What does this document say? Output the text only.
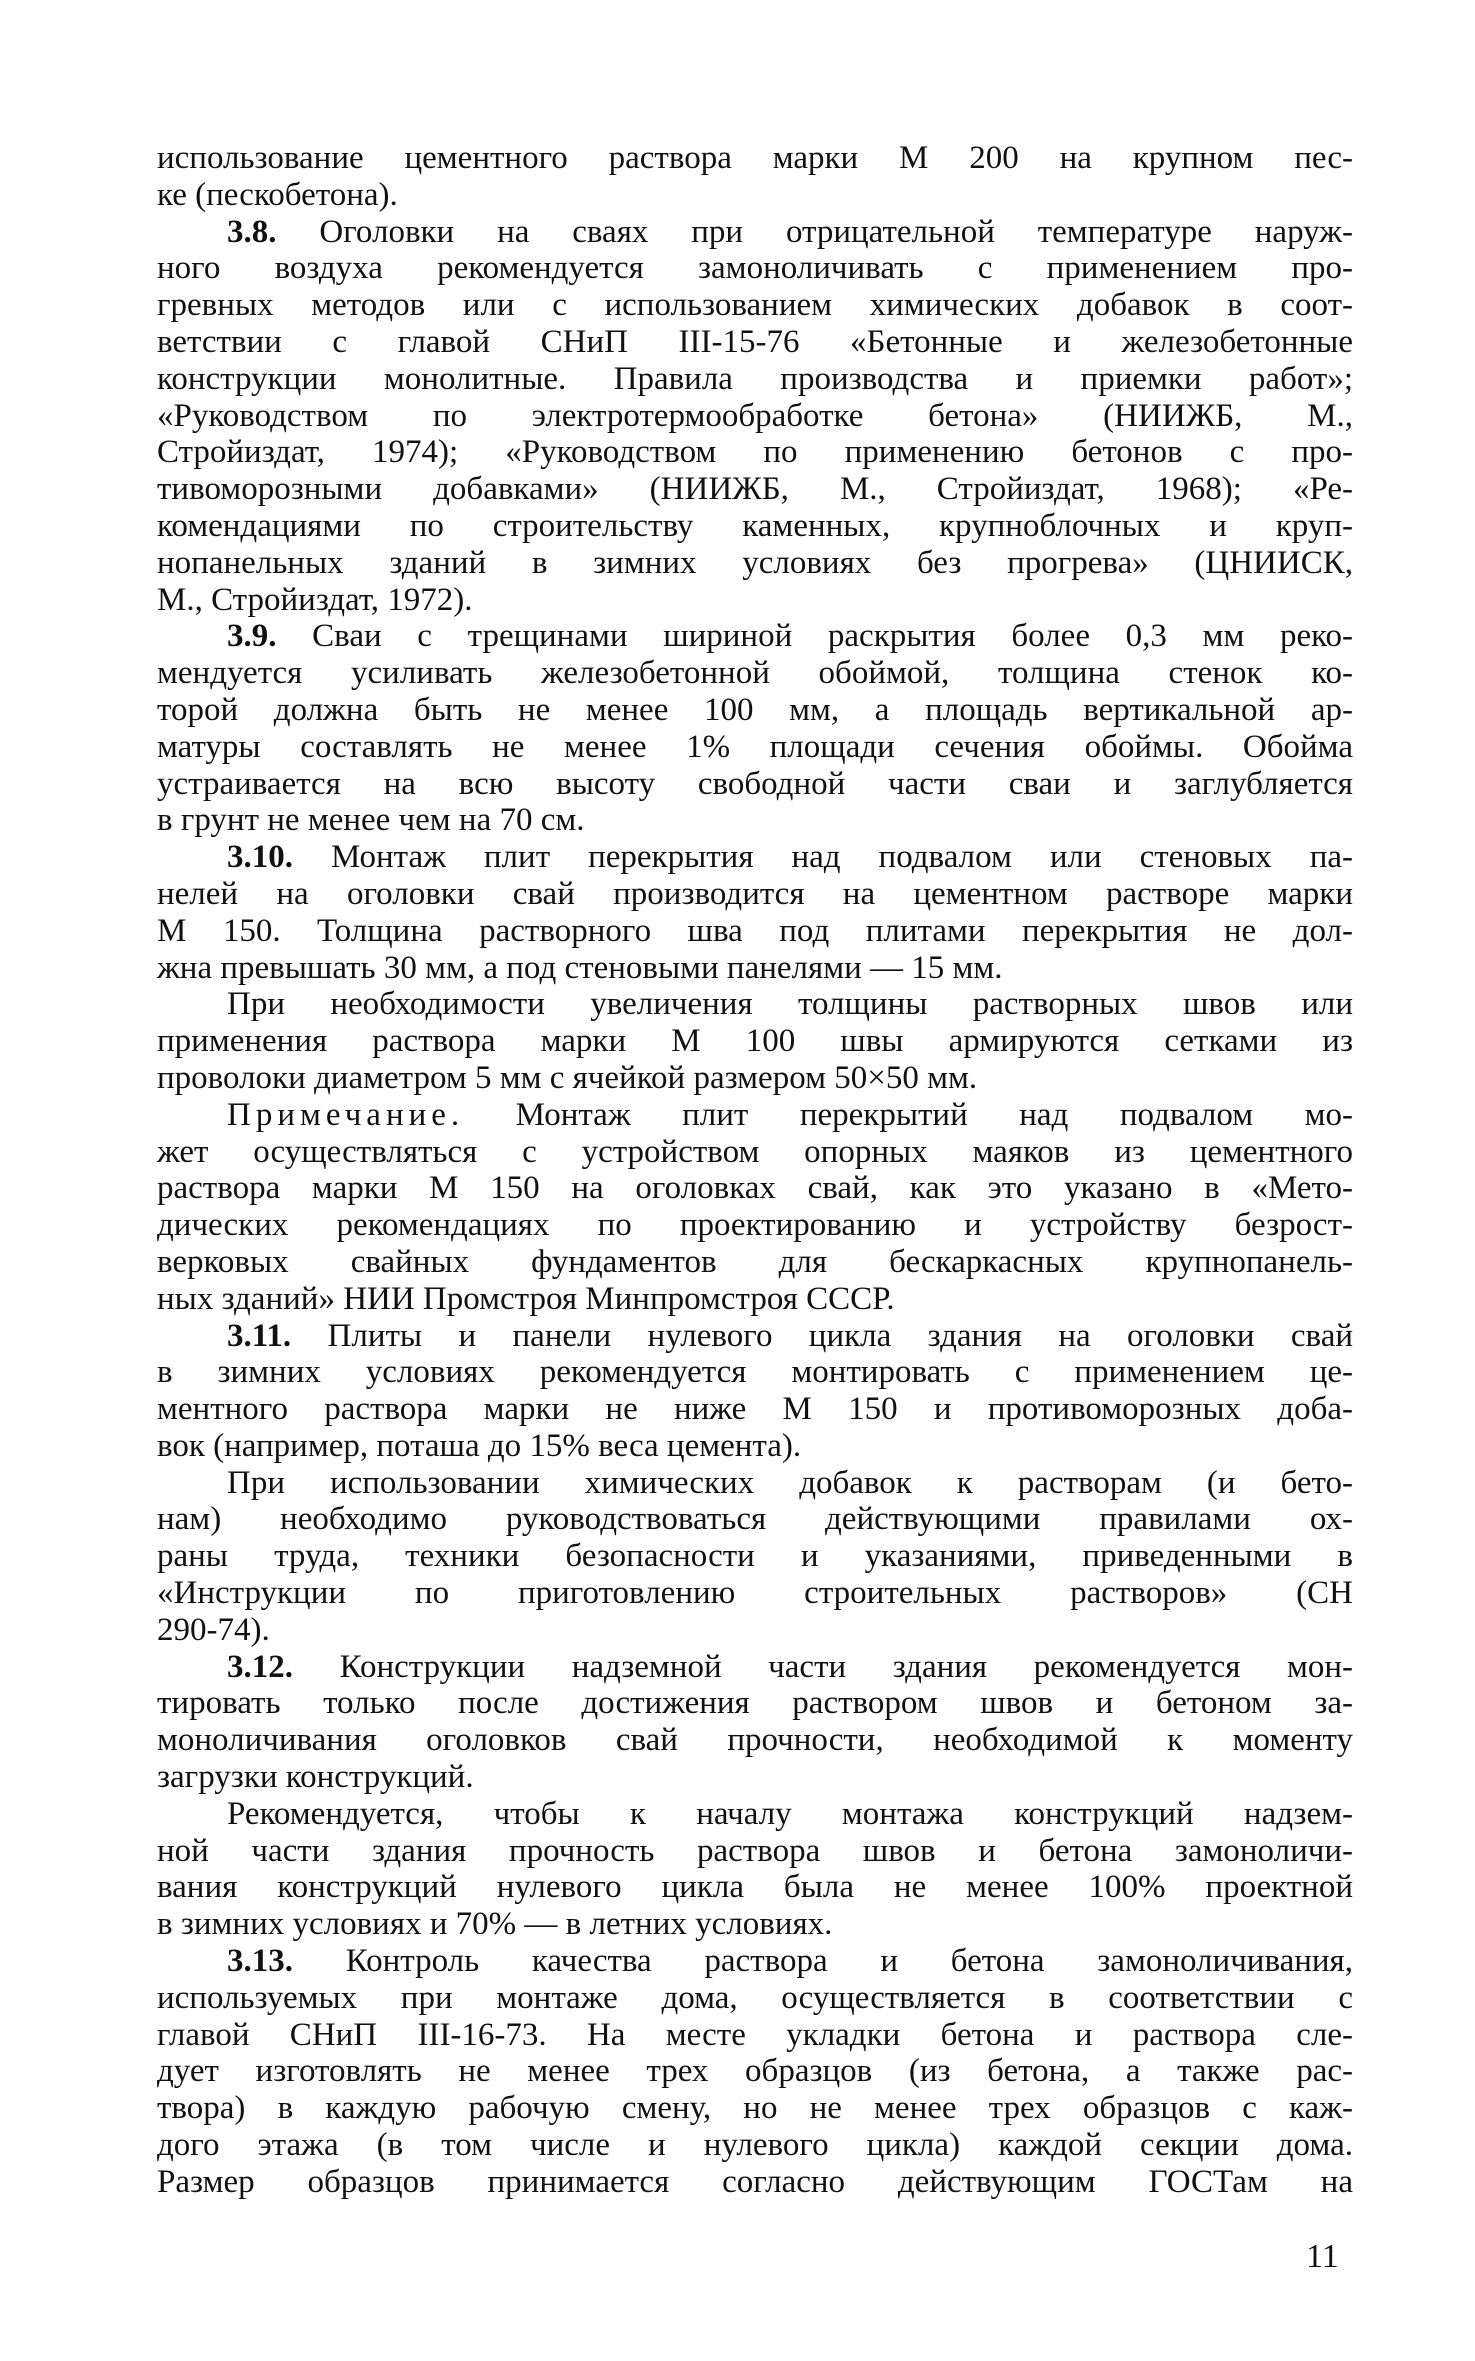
использование цементного раствора марки М 200 на крупном пес-
ке (пескобетона).
3.8. Оголовки на сваях при отрицательной температуре наруж-
ного воздуха рекомендуется замоноличивать с применением про-
гревных методов или с использованием химических добавок в соот-
ветствии с главой СНиП III-15-76 «Бетонные и железобетонные
конструкции монолитные. Правила производства и приемки работ»;
«Руководством по электротермообработке бетона» (НИИЖБ, М.,
Стройиздат, 1974); «Руководством по применению бетонов с про-
тивоморозными добавками» (НИИЖБ, М., Стройиздат, 1968); «Ре-
комендациями по строительству каменных, крупноблочных и круп-
нопанельных зданий в зимних условиях без прогрева» (ЦНИИСК,
М., Стройиздат, 1972).
3.9. Сваи с трещинами шириной раскрытия более 0,3 мм реко-
мендуется усиливать железобетонной обоймой, толщина стенок ко-
торой должна быть не менее 100 мм, а площадь вертикальной ар-
матуры составлять не менее 1% площади сечения обоймы. Обойма
устраивается на всю высоту свободной части сваи и заглубляется
в грунт не менее чем на 70 см.
3.10. Монтаж плит перекрытия над подвалом или стеновых па-
нелей на оголовки свай производится на цементном растворе марки
М 150. Толщина растворного шва под плитами перекрытия не дол-
жна превышать 30 мм, а под стеновыми панелями — 15 мм.
При необходимости увеличения толщины растворных швов или
применения раствора марки М 100 швы армируются сетками из
проволоки диаметром 5 мм с ячейкой размером 50×50 мм.
Примечание. Монтаж плит перекрытий над подвалом мо-
жет осуществляться с устройством опорных маяков из цементного
раствора марки М 150 на оголовках свай, как это указано в «Мето-
дических рекомендациях по проектированию и устройству безрост-
верковых свайных фундаментов для бескаркасных крупнопанель-
ных зданий» НИИ Промстроя Минпромстроя СССР.
3.11. Плиты и панели нулевого цикла здания на оголовки свай
в зимних условиях рекомендуется монтировать с применением це-
ментного раствора марки не ниже М 150 и противоморозных доба-
вок (например, поташа до 15% веса цемента).
При использовании химических добавок к растворам (и бето-
нам) необходимо руководствоваться действующими правилами ох-
раны труда, техники безопасности и указаниями, приведенными в
«Инструкции по приготовлению строительных растворов» (СН
290-74).
3.12. Конструкции надземной части здания рекомендуется мон-
тировать только после достижения раствором швов и бетоном за-
моноличивания оголовков свай прочности, необходимой к моменту
загрузки конструкций.
Рекомендуется, чтобы к началу монтажа конструкций надзем-
ной части здания прочность раствора швов и бетона замоноличи-
вания конструкций нулевого цикла была не менее 100% проектной
в зимних условиях и 70% — в летних условиях.
3.13. Контроль качества раствора и бетона замоноличивания,
используемых при монтаже дома, осуществляется в соответствии с
главой СНиП III-16-73. На месте укладки бетона и раствора сле-
дует изготовлять не менее трех образцов (из бетона, а также рас-
твора) в каждую рабочую смену, но не менее трех образцов с каж-
дого этажа (в том числе и нулевого цикла) каждой секции дома.
Размер образцов принимается согласно действующим ГОСТам на
11
